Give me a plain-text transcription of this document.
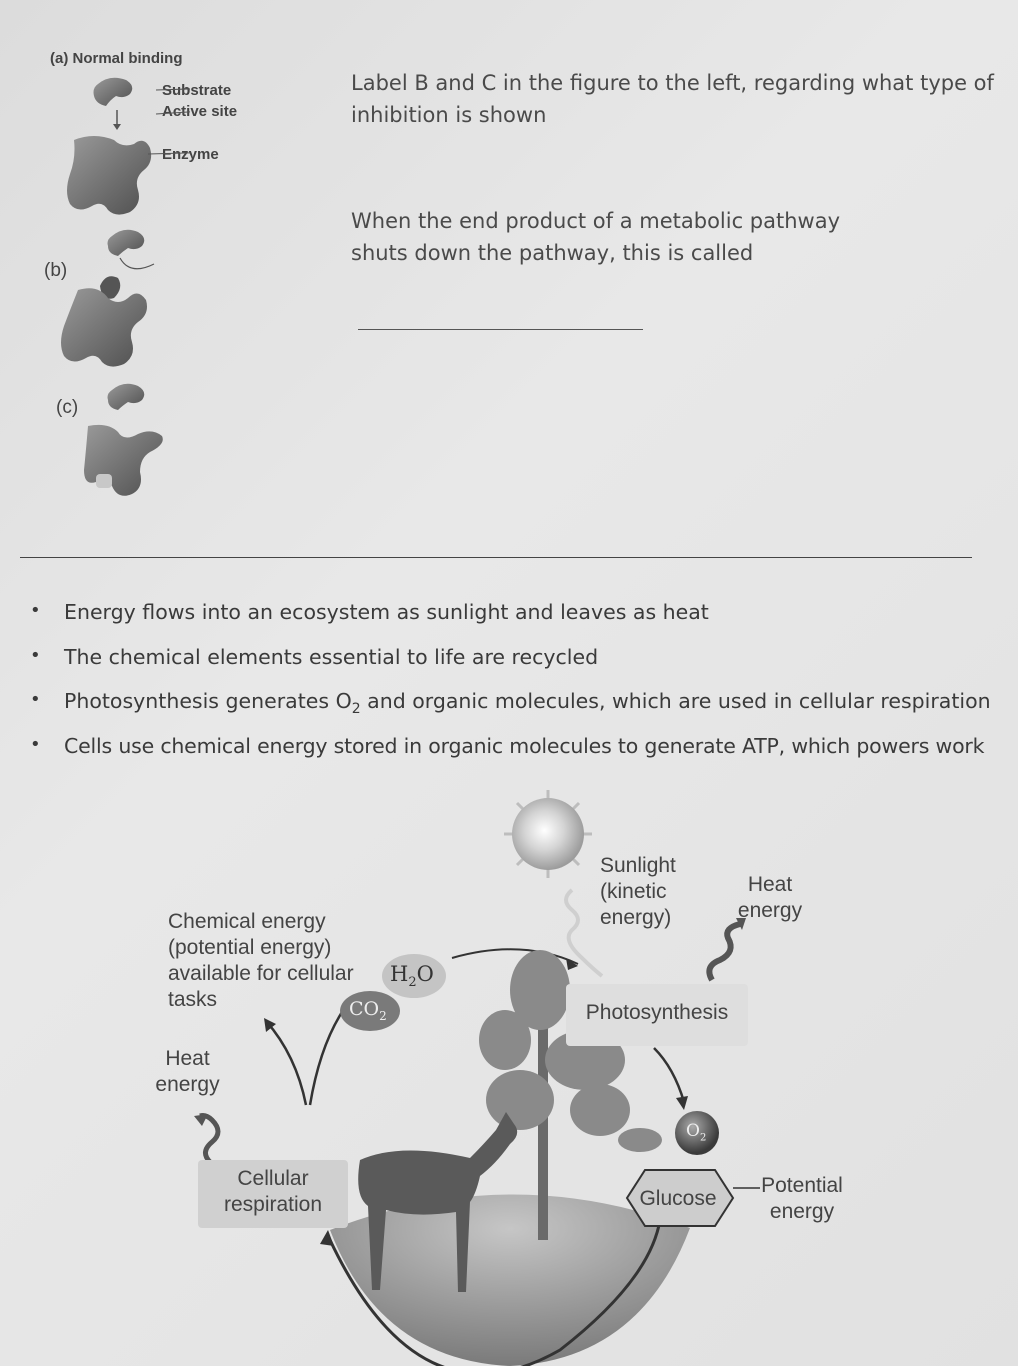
(a) Normal binding
Substrate
Active site
Enzyme
(b)
(c)
Label B and C in the figure to the left, regarding what type of inhibition is shown
When the end product of a metabolic pathway shuts down the pathway, this is called
•	Energy flows into an ecosystem as sunlight and leaves as heat
•	The chemical elements essential to life are recycled
•	Photosynthesis generates $O_2$ and organic molecules, which are used in cellular respiration
•	Cells use chemical energy stored in organic molecules to generate ATP, which powers work
Sunlight (kinetic energy)
Heat energy
Chemical energy (potential energy) available for cellular tasks
$H_2O$
$CO_2$	Photosynthesis
Heat energy
$O_2$
Cellular respiration	Glucose
Potential energy
